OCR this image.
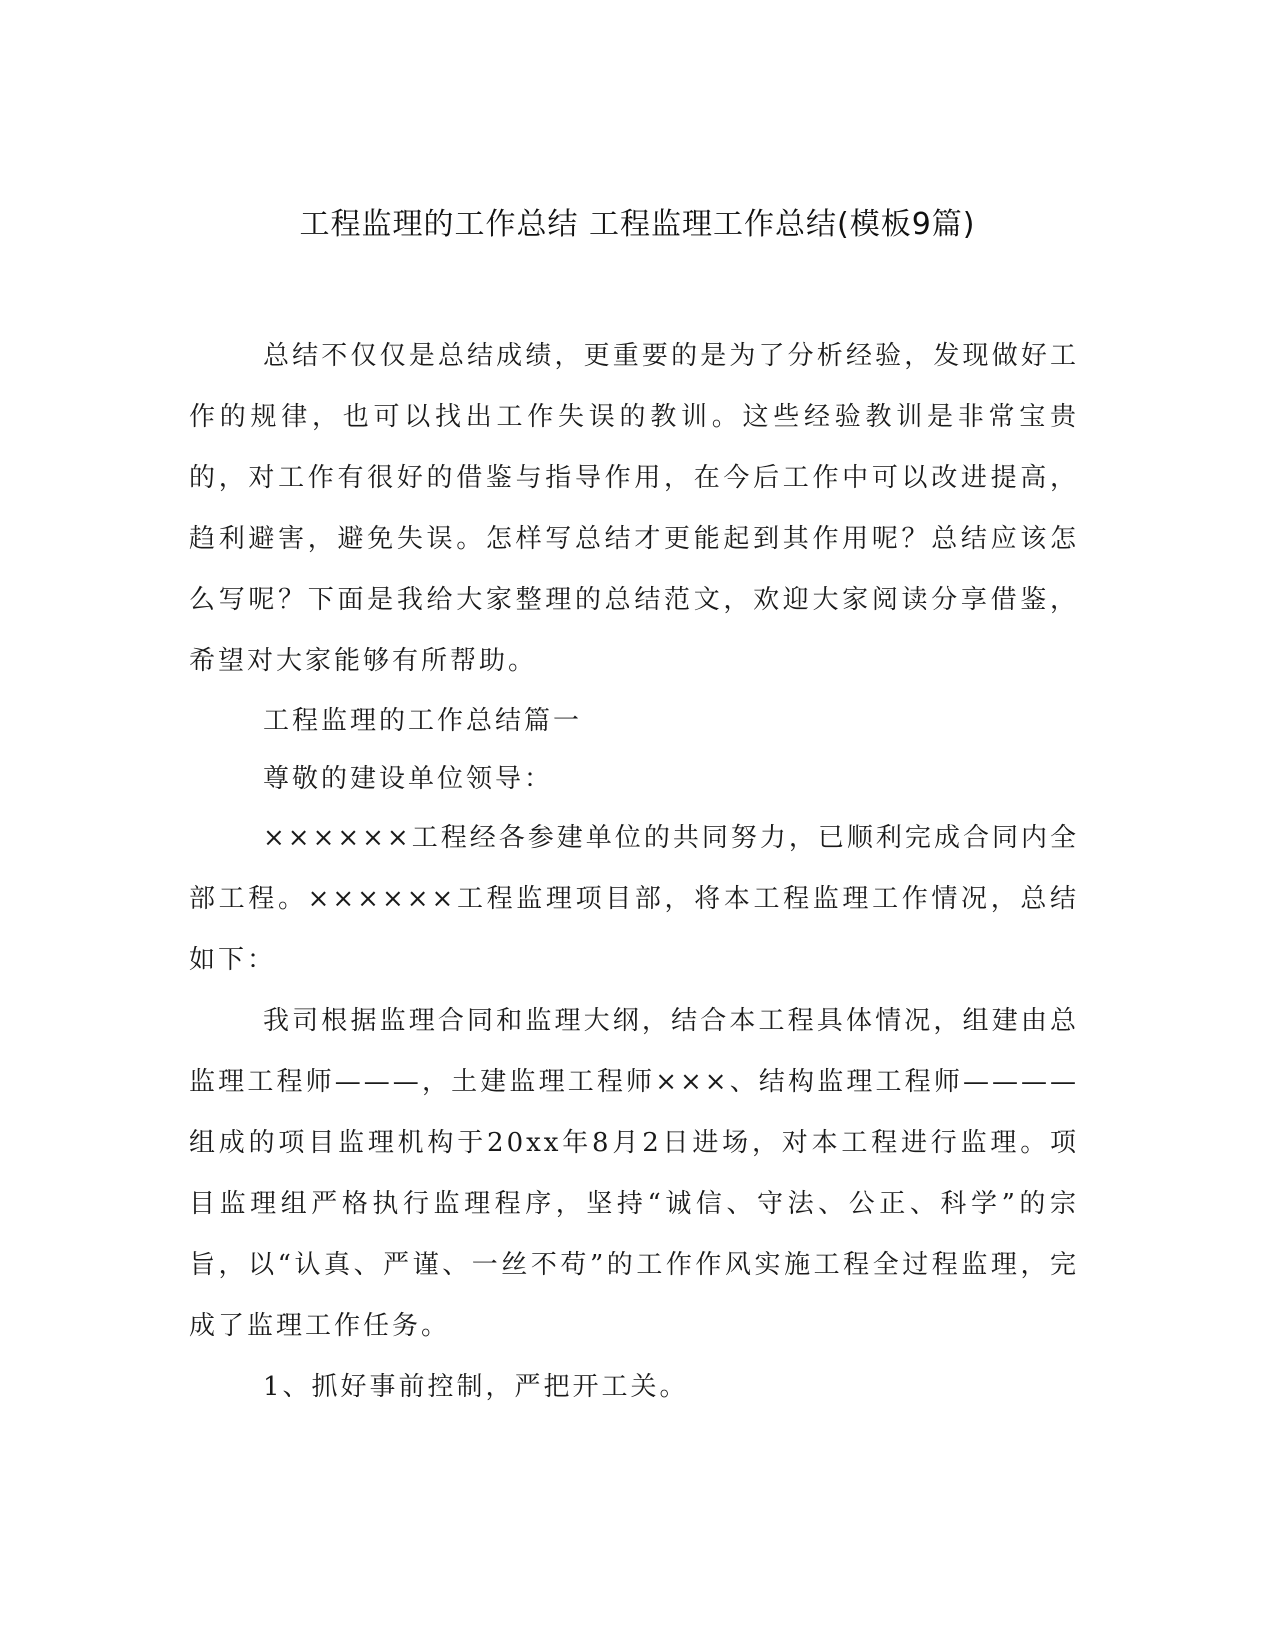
工程监理的工作总结 工程监理工作总结(模板9篇)

总结不仅仅是总结成绩，更重要的是为了分析经验，发现做好工作的规律，也可以找出工作失误的教训。这些经验教训是非常宝贵的，对工作有很好的借鉴与指导作用，在今后工作中可以改进提高，趋利避害，避免失误。怎样写总结才更能起到其作用呢？总结应该怎么写呢？下面是我给大家整理的总结范文，欢迎大家阅读分享借鉴，希望对大家能够有所帮助。

工程监理的工作总结篇一

尊敬的建设单位领导：

××××××工程经各参建单位的共同努力，已顺利完成合同内全部工程。××××××工程监理项目部，将本工程监理工作情况，总结如下：

我司根据监理合同和监理大纲，结合本工程具体情况，组建由总监理工程师———，土建监理工程师×××、结构监理工程师————组成的项目监理机构于20xx年8月2日进场，对本工程进行监理。项目监理组严格执行监理程序，坚持“诚信、守法、公正、科学”的宗旨，以“认真、严谨、一丝不苟”的工作作风实施工程全过程监理，完成了监理工作任务。

1、抓好事前控制，严把开工关。
